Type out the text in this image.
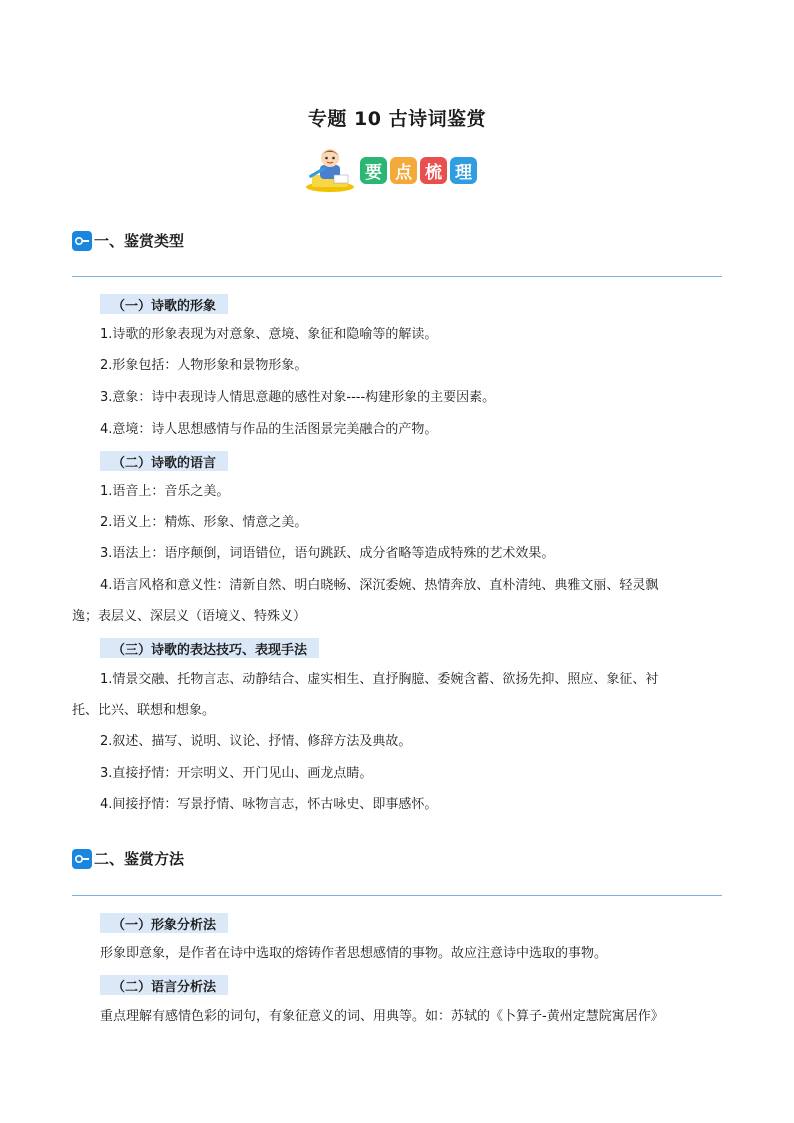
专题 10 古诗词鉴赏
要 点 梳 理
一、鉴赏类型
（一）诗歌的形象
1.诗歌的形象表现为对意象、意境、象征和隐喻等的解读。
2.形象包括：人物形象和景物形象。
3.意象：诗中表现诗人情思意趣的感性对象----构建形象的主要因素。
4.意境：诗人思想感情与作品的生活图景完美融合的产物。
（二）诗歌的语言
1.语音上：音乐之美。
2.语义上：精炼、形象、情意之美。
3.语法上：语序颠倒，词语错位，语句跳跃、成分省略等造成特殊的艺术效果。
4.语言风格和意义性：清新自然、明白晓畅、深沉委婉、热情奔放、直朴清纯、典雅文丽、轻灵飘
逸；表层义、深层义（语境义、特殊义）
（三）诗歌的表达技巧、表现手法
1.情景交融、托物言志、动静结合、虚实相生、直抒胸臆、委婉含蓄、欲扬先抑、照应、象征、衬
托、比兴、联想和想象。
2.叙述、描写、说明、议论、抒情、修辞方法及典故。
3.直接抒情：开宗明义、开门见山、画龙点睛。
4.间接抒情：写景抒情、咏物言志，怀古咏史、即事感怀。
二、鉴赏方法
（一）形象分析法
形象即意象，是作者在诗中选取的熔铸作者思想感情的事物。故应注意诗中选取的事物。
（二）语言分析法
重点理解有感情色彩的词句，有象征意义的词、用典等。如：苏轼的《卜算子-黄州定慧院寓居作》
